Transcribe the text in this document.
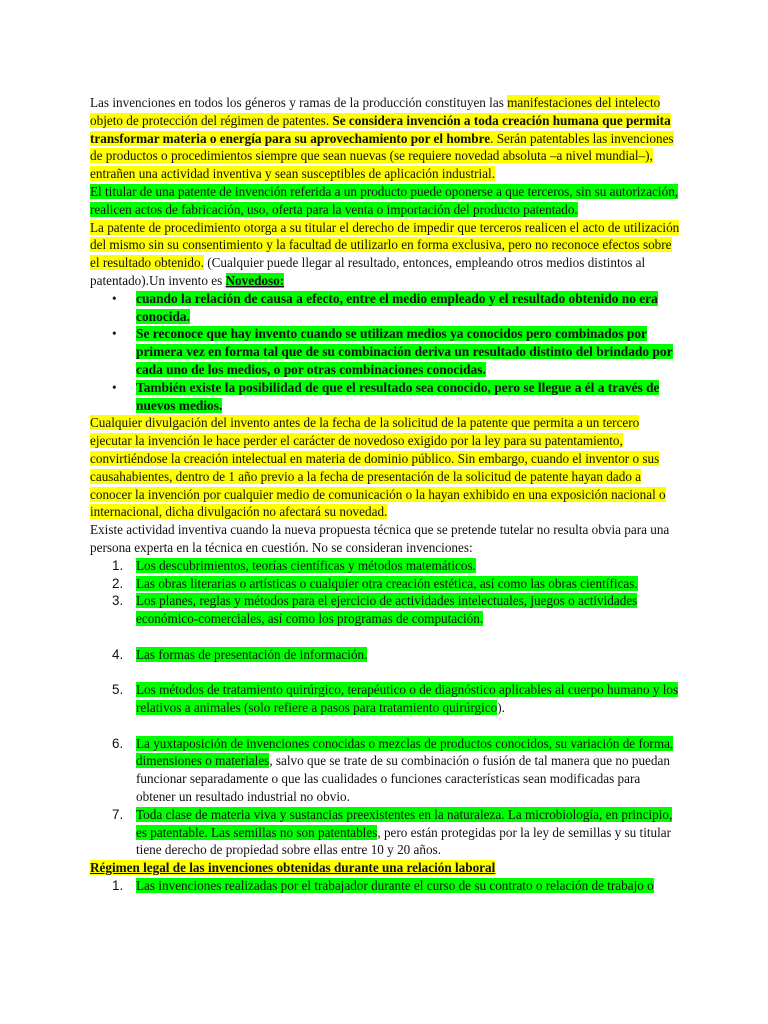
Las invenciones en todos los géneros y ramas de la producción constituyen las manifestaciones del intelecto objeto de protección del régimen de patentes. Se considera invención a toda creación humana que permita transformar materia o energía para su aprovechamiento por el hombre. Serán patentables las invenciones de productos o procedimientos siempre que sean nuevas (se requiere novedad absoluta –a nivel mundial–), entrañen una actividad inventiva y sean susceptibles de aplicación industrial.

El titular de una patente de invención referida a un producto puede oponerse a que terceros, sin su autorización, realicen actos de fabricación, uso, oferta para la venta o importación del producto patentado.

La patente de procedimiento otorga a su titular el derecho de impedir que terceros realicen el acto de utilización del mismo sin su consentimiento y la facultad de utilizarlo en forma exclusiva, pero no reconoce efectos sobre el resultado obtenido. (Cualquier puede llegar al resultado, entonces, empleando otros medios distintos al patentado).Un invento es Novedoso:

• cuando la relación de causa a efecto, entre el medio empleado y el resultado obtenido no era conocida.
• Se reconoce que hay invento cuando se utilizan medios ya conocidos pero combinados por primera vez en forma tal que de su combinación deriva un resultado distinto del brindado por cada uno de los medios, o por otras combinaciones conocidas.
• También existe la posibilidad de que el resultado sea conocido, pero se llegue a él a través de nuevos medios.

Cualquier divulgación del invento antes de la fecha de la solicitud de la patente que permita a un tercero ejecutar la invención le hace perder el carácter de novedoso exigido por la ley para su patentamiento, convirtiéndose la creación intelectual en materia de dominio público. Sin embargo, cuando el inventor o sus causahabientes, dentro de 1 año previo a la fecha de presentación de la solicitud de patente hayan dado a conocer la invención por cualquier medio de comunicación o la hayan exhibido en una exposición nacional o internacional, dicha divulgación no afectará su novedad.

Existe actividad inventiva cuando la nueva propuesta técnica que se pretende tutelar no resulta obvia para una persona experta en la técnica en cuestión. No se consideran invenciones:

1. Los descubrimientos, teorías científicas y métodos matemáticos.
2. Las obras literarias o artísticas o cualquier otra creación estética, así como las obras científicas.
3. Los planes, reglas y métodos para el ejercicio de actividades intelectuales, juegos o actividades económico-comerciales, así como los programas de computación.
4. Las formas de presentación de información.
5. Los métodos de tratamiento quirúrgico, terapéutico o de diagnóstico aplicables al cuerpo humano y los relativos a animales (solo refiere a pasos para tratamiento quirúrgico).
6. La yuxtaposición de invenciones conocidas o mezclas de productos conocidos, su variación de forma, dimensiones o materiales, salvo que se trate de su combinación o fusión de tal manera que no puedan funcionar separadamente o que las cualidades o funciones características sean modificadas para obtener un resultado industrial no obvio.
7. Toda clase de materia viva y sustancias preexistentes en la naturaleza. La microbiología, en principio, es patentable. Las semillas no son patentables, pero están protegidas por la ley de semillas y su titular tiene derecho de propiedad sobre ellas entre 10 y 20 años.

Régimen legal de las invenciones obtenidas durante una relación laboral

1. Las invenciones realizadas por el trabajador durante el curso de su contrato o relación de trabajo o
